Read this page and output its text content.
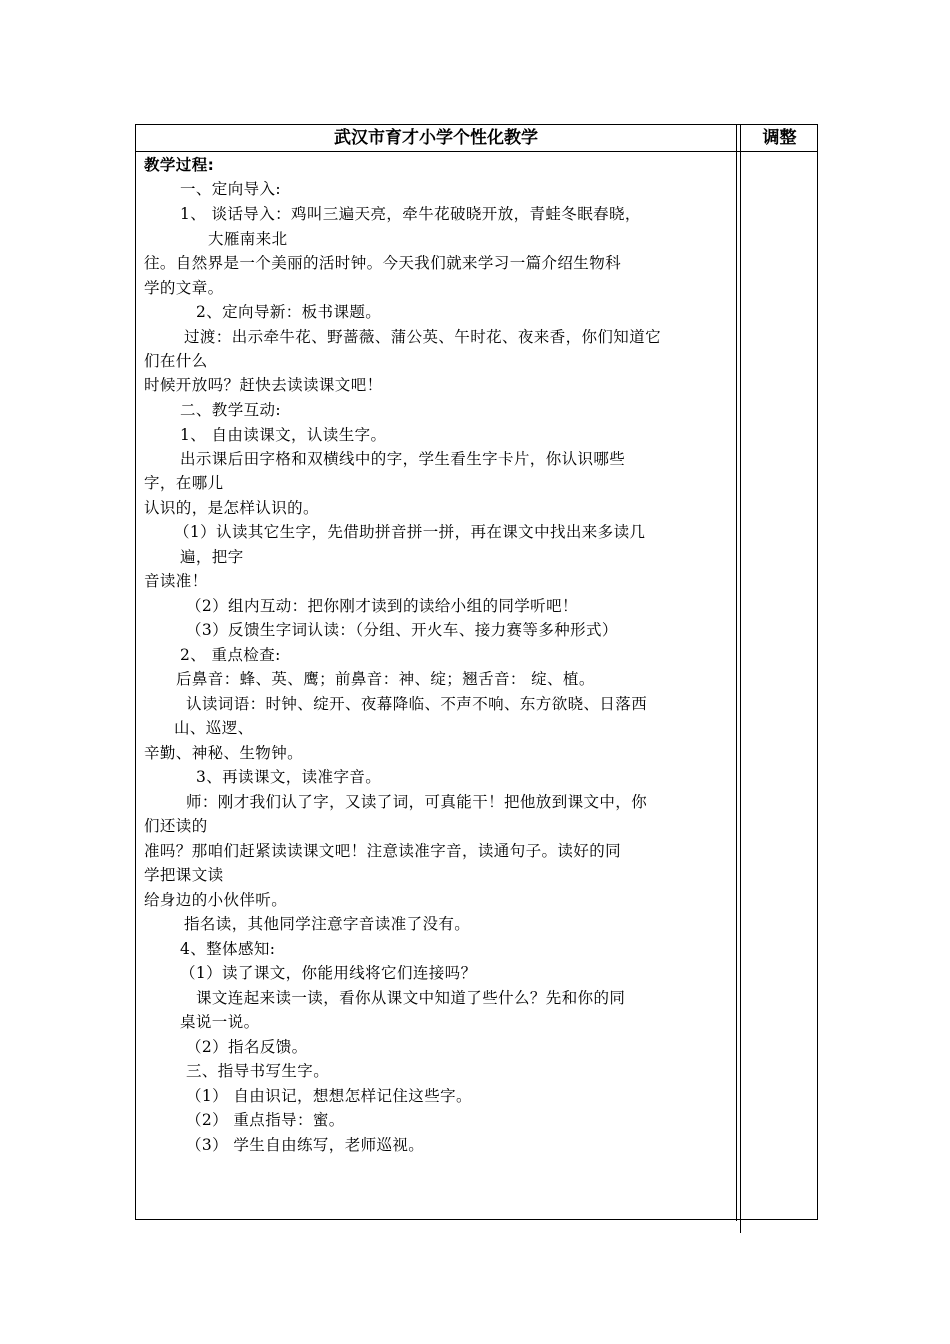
武汉市育才小学个性化教学	调整
教学过程:
一、定向导入:
1、 谈话导入：鸡叫三遍天亮，牵牛花破晓开放，青蛙冬眠春晓，
大雁南来北
往。自然界是一个美丽的活时钟。今天我们就来学习一篇介绍生物科
学的文章。
2、定向导新：板书课题。
过渡：出示牵牛花、野蔷薇、蒲公英、午时花、夜来香，你们知道它
们在什么
时候开放吗？赶快去读读课文吧！
二、教学互动:
1、 自由读课文，认读生字。
出示课后田字格和双横线中的字，学生看生字卡片，你认识哪些
字，在哪儿
认识的，是怎样认识的。
（1）认读其它生字，先借助拼音拼一拼，再在课文中找出来多读几
遍，把字
音读准！
（2）组内互动：把你刚才读到的读给小组的同学听吧！
（3）反馈生字词认读：（分组、开火车、接力赛等多种形式）
2、 重点检查:
后鼻音：蜂、英、鹰；前鼻音：神、绽；翘舌音： 绽、植。
认读词语：时钟、绽开、夜幕降临、不声不响、东方欲晓、日落西
山、巡逻、
辛勤、神秘、生物钟。
3、再读课文，读准字音。
师：刚才我们认了字，又读了词，可真能干！把他放到课文中，你
们还读的
准吗？那咱们赶紧读读课文吧！注意读准字音，读通句子。读好的同
学把课文读
给身边的小伙伴听。
指名读，其他同学注意字音读准了没有。
4、整体感知:
（1）读了课文，你能用线将它们连接吗？
课文连起来读一读，看你从课文中知道了些什么？先和你的同
桌说一说。
（2）指名反馈。
三、指导书写生字。
（1） 自由识记，想想怎样记住这些字。
（2） 重点指导：蜜。
（3） 学生自由练写，老师巡视。
